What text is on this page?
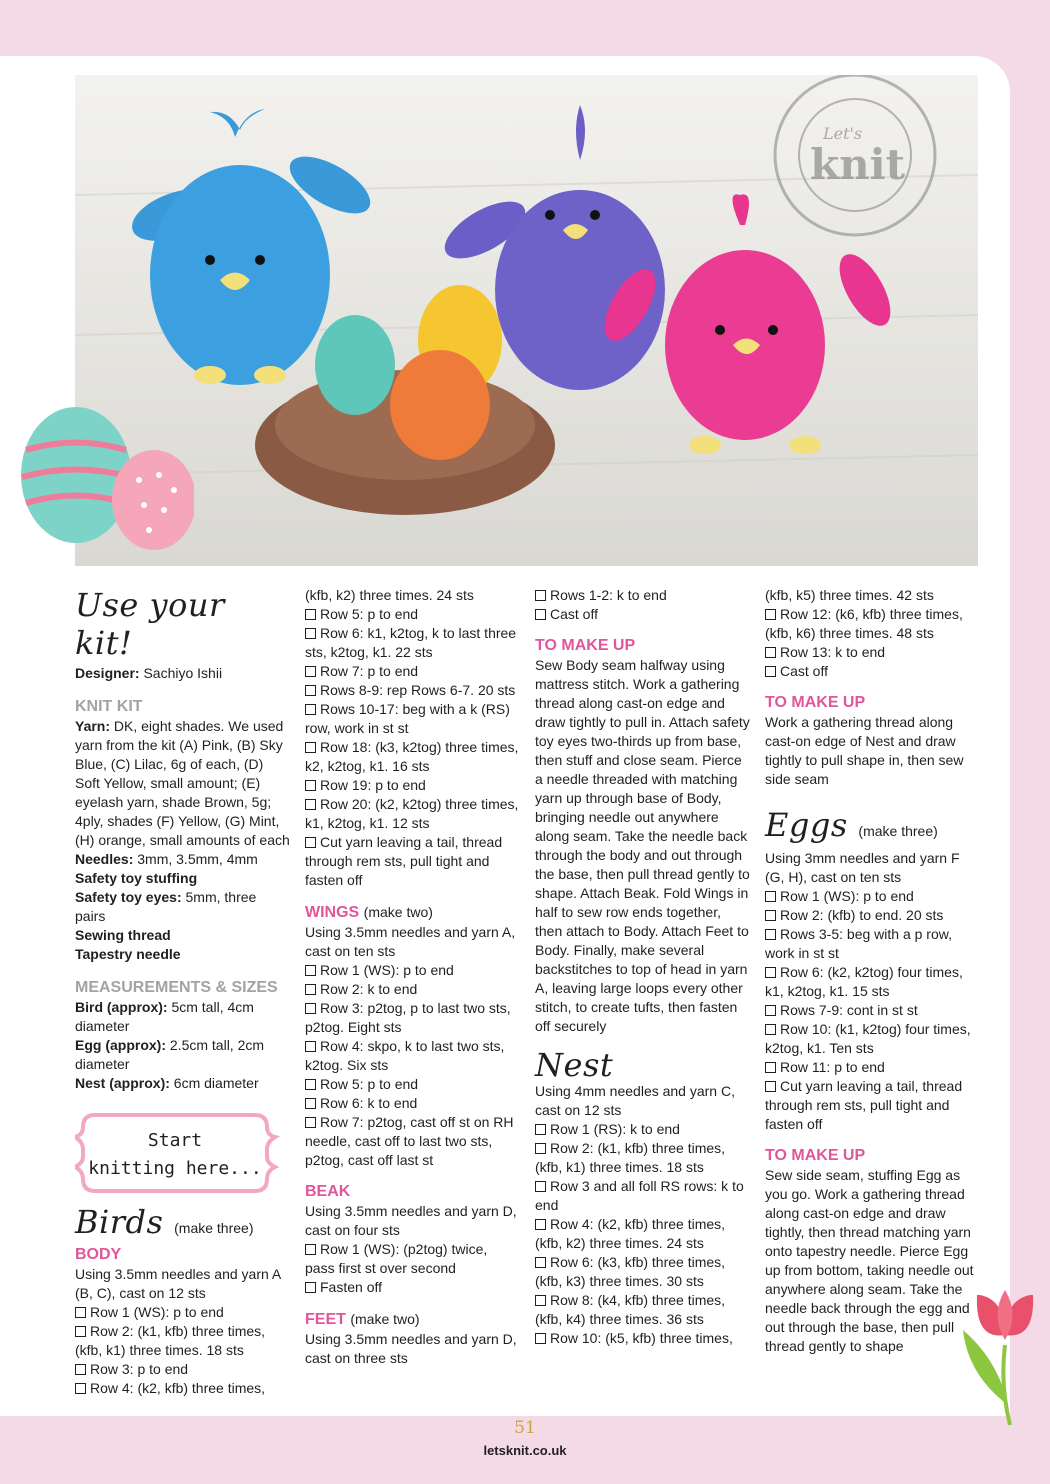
Let's
knit
Use your kit!

Designer: Sachiyo Ishii

KNIT KIT

Yarn: DK, eight shades. We used yarn from the kit (A) Pink, (B) Sky Blue, (C) Lilac, 6g of each, (D) Soft Yellow, small amount; (E) eyelash yarn, shade Brown, 5g; 4ply, shades (F) Yellow, (G) Mint, (H) orange, small amounts of each

Needles: 3mm, 3.5mm, 4mm

Safety toy stuffing

Safety toy eyes: 5mm, three pairs

Sewing thread

Tapestry needle

MEASUREMENTS & SIZES

Bird (approx): 5cm tall, 4cm diameter

Egg (approx): 2.5cm tall, 2cm diameter

Nest (approx): 6cm diameter

Start
knitting here...
Birds (make three)
BODY

Using 3.5mm needles and yarn A (B, C), cast on 12 sts

Row 1 (WS): p to end

Row 2: (k1, kfb) three times, (kfb, k1) three times. 18 sts

Row 3: p to end

Row 4: (k2, kfb) three times,

(kfb, k2) three times. 24 sts

Row 5: p to end

Row 6: k1, k2tog, k to last three sts, k2tog, k1. 22 sts

Row 7: p to end

Rows 8-9: rep Rows 6-7. 20 sts

Rows 10-17: beg with a k (RS) row, work in st st

Row 18: (k3, k2tog) three times, k2, k2tog, k1. 16 sts

Row 19: p to end

Row 20: (k2, k2tog) three times, k1, k2tog, k1. 12 sts

Cut yarn leaving a tail, thread through rem sts, pull tight and fasten off

WINGS (make two)

Using 3.5mm needles and yarn A, cast on ten sts

Row 1 (WS): p to end

Row 2: k to end

Row 3: p2tog, p to last two sts, p2tog. Eight sts

Row 4: skpo, k to last two sts, k2tog. Six sts

Row 5: p to end

Row 6: k to end

Row 7: p2tog, cast off st on RH needle, cast off to last two sts, p2tog, cast off last st

BEAK

Using 3.5mm needles and yarn D, cast on four sts

Row 1 (WS): (p2tog) twice, pass first st over second

Fasten off

FEET (make two)

Using 3.5mm needles and yarn D, cast on three sts

Rows 1-2: k to end

Cast off

TO MAKE UP

Sew Body seam halfway using mattress stitch. Work a gathering thread along cast-on edge and draw tightly to pull in. Attach safety toy eyes two-thirds up from base, then stuff and close seam. Pierce a needle threaded with matching yarn up through base of Body, bringing needle out anywhere along seam. Take the needle back through the body and out through the base, then pull thread gently to shape. Attach Beak. Fold Wings in half to sew row ends together, then attach to Body. Attach Feet to Body. Finally, make several backstitches to top of head in yarn A, leaving large loops every other stitch, to create tufts, then fasten off securely

Nest

Using 4mm needles and yarn C, cast on 12 sts

Row 1 (RS): k to end

Row 2: (k1, kfb) three times, (kfb, k1) three times. 18 sts

Row 3 and all foll RS rows: k to end

Row 4: (k2, kfb) three times, (kfb, k2) three times. 24 sts

Row 6: (k3, kfb) three times, (kfb, k3) three times. 30 sts

Row 8: (k4, kfb) three times, (kfb, k4) three times. 36 sts

Row 10: (k5, kfb) three times,

(kfb, k5) three times. 42 sts

Row 12: (k6, kfb) three times, (kfb, k6) three times. 48 sts

Row 13: k to end

Cast off

TO MAKE UP

Work a gathering thread along cast-on edge of Nest and draw tightly to pull shape in, then sew side seam

Eggs (make three)

Using 3mm needles and yarn F (G, H), cast on ten sts

Row 1 (WS): p to end

Row 2: (kfb) to end. 20 sts

Rows 3-5: beg with a p row, work in st st

Row 6: (k2, k2tog) four times, k1, k2tog, k1. 15 sts

Rows 7-9: cont in st st

Row 10: (k1, k2tog) four times, k2tog, k1. Ten sts

Row 11: p to end

Cut yarn leaving a tail, thread through rem sts, pull tight and fasten off

TO MAKE UP

Sew side seam, stuffing Egg as you go. Work a gathering thread along cast-on edge and draw tightly, then thread matching yarn onto tapestry needle. Pierce Egg up from bottom, taking needle out anywhere along seam. Take the needle back through the egg and out through the base, then pull thread gently to shape

51
letsknit.co.uk
